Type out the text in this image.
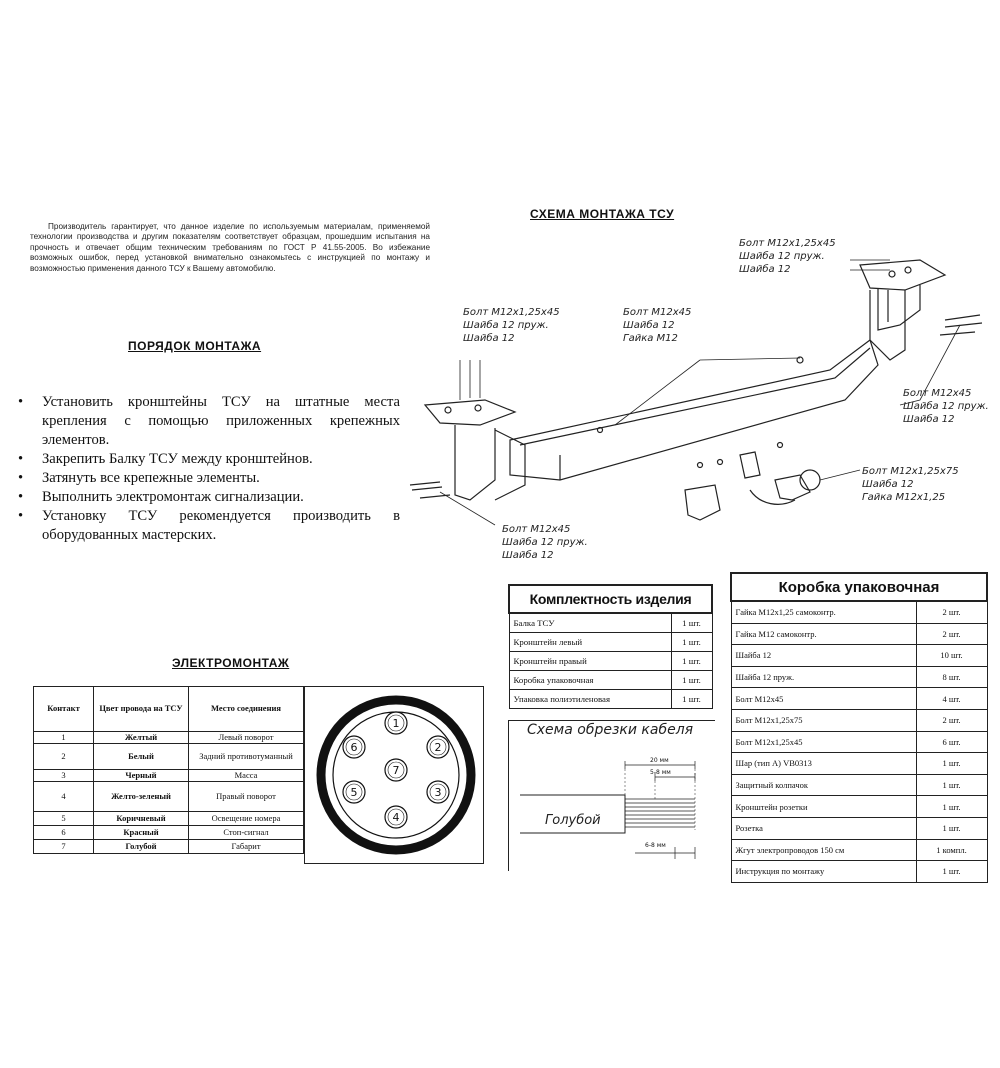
Производитель гарантирует, что данное изделие по используемым материалам, применяемой технологии производства и другим показателям соответствует образцам, прошедшим испытания на прочность и отвечает общим техническим требованиям по ГОСТ Р 41.55-2005. Во избежание возможных ошибок, перед установкой внимательно ознакомьтесь с инструкцией по монтажу и возможностью применения данного ТСУ к Вашему автомобилю.

СХЕМА МОНТАЖА ТСУ
ПОРЯДОК МОНТАЖА
• Установить кронштейны ТСУ на штатные места крепления с помощью приложенных крепежных элементов.
• Закрепить Балку ТСУ между кронштейнов.
• Затянуть все крепежные элементы.
• Выполнить электромонтаж сигнализации.
• Установку ТСУ рекомендуется производить в оборудованных мастерских.
Болт М12х1,25х45
Шайба 12 пруж.
Шайба 12
Болт М12х1,25х45
Шайба 12 пруж.
Шайба 12
Болт М12х45
Шайба 12
Гайка М12
Болт М12х45
Шайба 12 пруж.
Шайба 12
Болт М12х1,25х75
Шайба 12
Гайка М12х1,25
Болт М12х45
Шайба 12 пруж.
Шайба 12
ЭЛЕКТРОМОНТАЖ
Контакт	Цвет провода на ТСУ	Место соединения
1	Желтый	Левый поворот
2	Белый	Задний противотуманный
3	Черный	Масса
4	Желто-зеленый	Правый поворот
5	Коричневый	Освещение номера
6	Красный	Стоп-сигнал
7	Голубой	Габарит
1
2
3
4
5
6
7
Комплектность изделия	
Балка ТСУ	1 шт.
Кронштейн левый	1 шт.
Кронштейн правый	1 шт.
Коробка упаковочная	1 шт.
Упаковка полиэтиленовая	1 шт.
Коробка упаковочная	
Гайка М12х1,25 самоконтр.	2 шт.
Гайка М12 самоконтр.	2 шт.
Шайба 12	10 шт.
Шайба 12 пруж.	8 шт.
Болт М12х45	4 шт.
Болт М12х1,25х75	2 шт.
Болт М12х1,25х45	6 шт.
Шар (тип А) VB0313	1 шт.
Защитный колпачок	1 шт.
Кронштейн розетки	1 шт.
Розетка	1 шт.
Жгут электропроводов 150 см	1 компл.
Инструкция по монтажу	1 шт.
Схема обрезки кабеля
20 мм
5-8 мм
6-8 мм
Голубой
